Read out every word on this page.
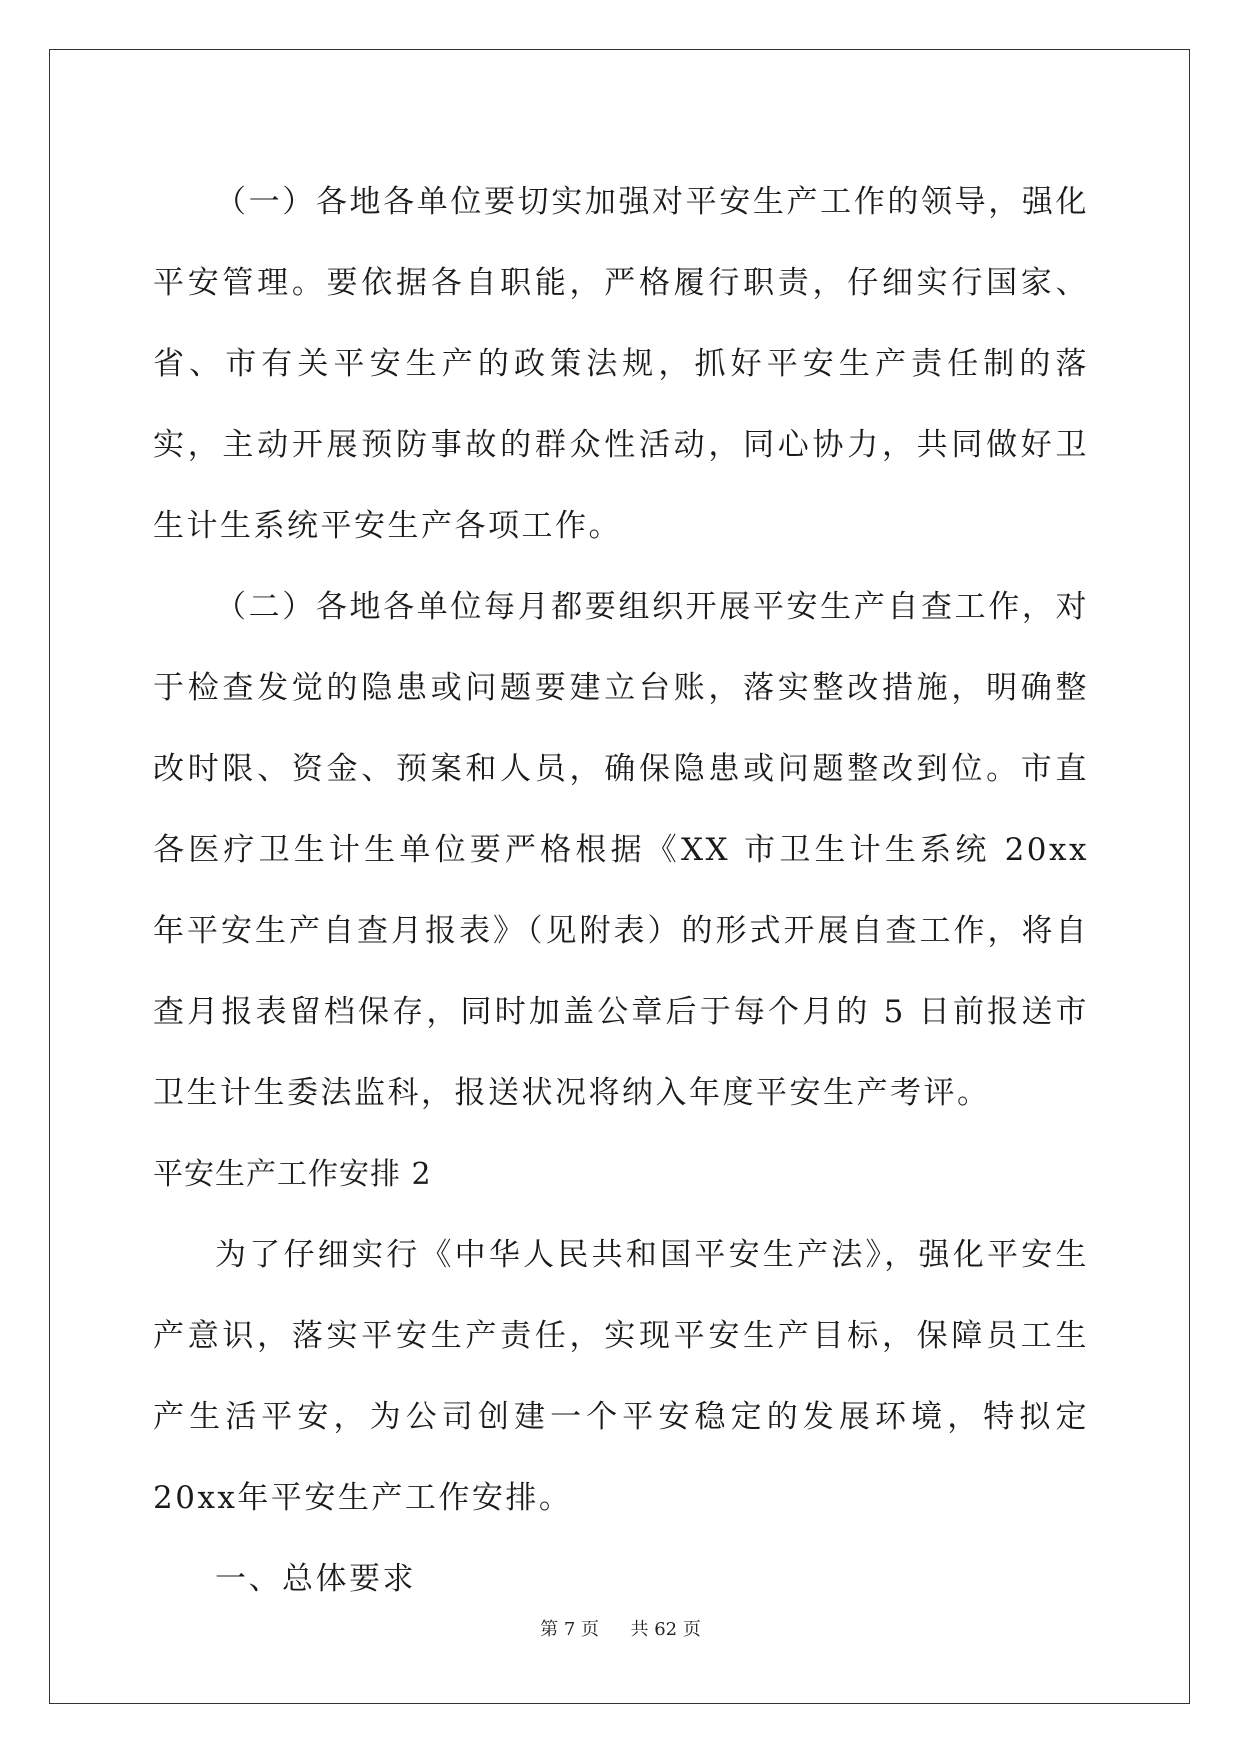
（一）各地各单位要切实加强对平安生产工作的领导，强化平安管理。要依据各自职能，严格履行职责，仔细实行国家、省、市有关平安生产的政策法规，抓好平安生产责任制的落实，主动开展预防事故的群众性活动，同心协力，共同做好卫生计生系统平安生产各项工作。

（二）各地各单位每月都要组织开展平安生产自查工作，对于检查发觉的隐患或问题要建立台账，落实整改措施，明确整改时限、资金、预案和人员，确保隐患或问题整改到位。市直各医疗卫生计生单位要严格根据《XX 市卫生计生系统 20xx 年平安生产自查月报表》（见附表）的形式开展自查工作，将自查月报表留档保存，同时加盖公章后于每个月的 5 日前报送市卫生计生委法监科，报送状况将纳入年度平安生产考评。

平安生产工作安排 2

为了仔细实行《中华人民共和国平安生产法》，强化平安生产意识，落实平安生产责任，实现平安生产目标，保障员工生产生活平安，为公司创建一个平安稳定的发展环境，特拟定20xx年平安生产工作安排。

一、总体要求

第 7 页 共 62 页
